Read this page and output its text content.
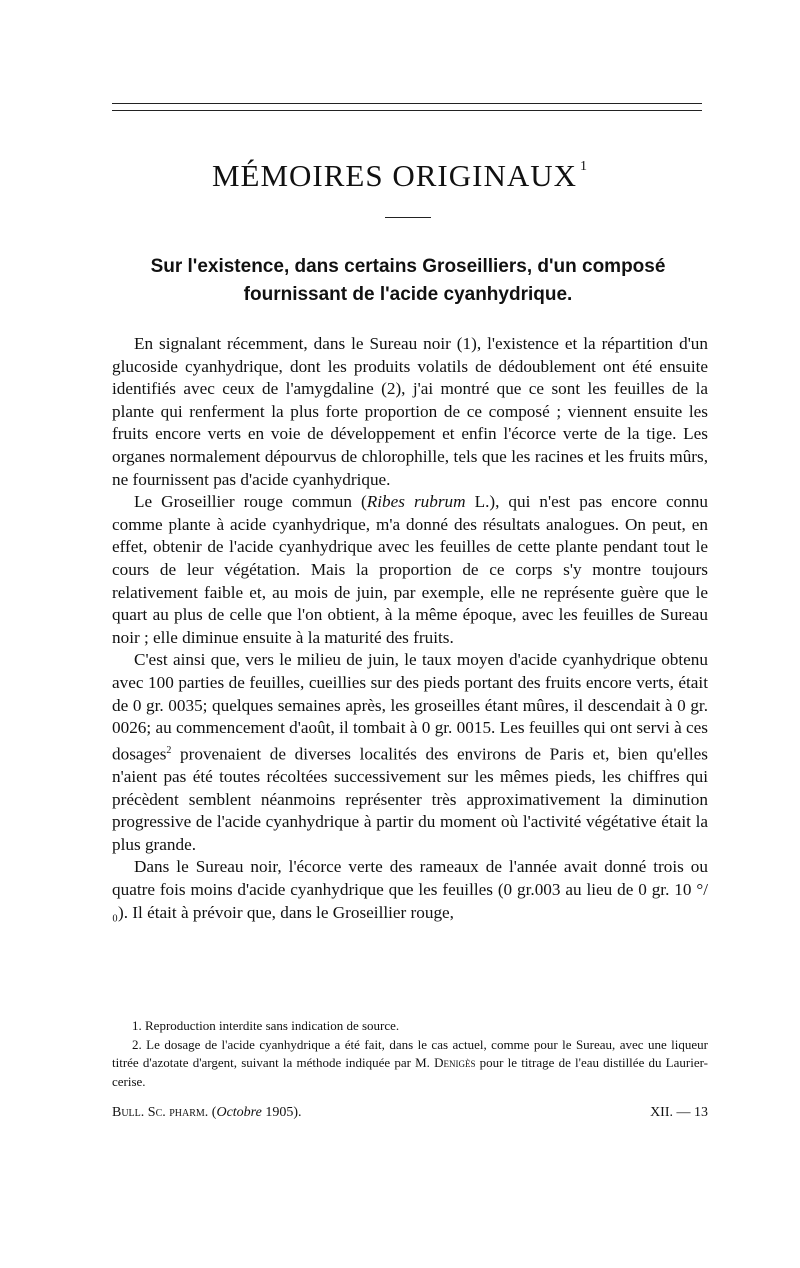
MÉMOIRES ORIGINAUX $^1$
Sur l'existence, dans certains Groseilliers, d'un composé
fournissant de l'acide cyanhydrique.

En signalant récemment, dans le Sureau noir (1), l'existence et la répartition d'un glucoside cyanhydrique, dont les produits volatils de dédoublement ont été ensuite identifiés avec ceux de l'amygdaline (2), j'ai montré que ce sont les feuilles de la plante qui renferment la plus forte proportion de ce composé ; viennent ensuite les fruits encore verts en voie de développement et enfin l'écorce verte de la tige. Les organes normalement dépourvus de chlorophille, tels que les racines et les fruits mûrs, ne fournissent pas d'acide cyanhydrique.

Le Groseillier rouge commun (Ribes rubrum L.), qui n'est pas encore connu comme plante à acide cyanhydrique, m'a donné des résultats analogues. On peut, en effet, obtenir de l'acide cyanhydrique avec les feuilles de cette plante pendant tout le cours de leur végétation. Mais la proportion de ce corps s'y montre toujours relativement faible et, au mois de juin, par exemple, elle ne représente guère que le quart au plus de celle que l'on obtient, à la même époque, avec les feuilles de Sureau noir ; elle diminue ensuite à la maturité des fruits.

C'est ainsi que, vers le milieu de juin, le taux moyen d'acide cyanhydrique obtenu avec 100 parties de feuilles, cueillies sur des pieds portant des fruits encore verts, était de 0 gr. 0035; quelques semaines après, les groseilles étant mûres, il descendait à 0 gr. 0026; au commencement d'août, il tombait à 0 gr. 0015. Les feuilles qui ont servi à ces dosages$^2$ provenaient de diverses localités des environs de Paris et, bien qu'elles n'aient pas été toutes récoltées successivement sur les mêmes pieds, les chiffres qui précèdent semblent néanmoins représenter très approximativement la diminution progressive de l'acide cyanhydrique à partir du moment où l'activité végétative était la plus grande.

Dans le Sureau noir, l'écorce verte des rameaux de l'année avait donné trois ou quatre fois moins d'acide cyanhydrique que les feuilles (0 gr.003 au lieu de 0 gr. 10 °/₀). Il était à prévoir que, dans le Groseillier rouge,

1. Reproduction interdite sans indication de source.

2. Le dosage de l'acide cyanhydrique a été fait, dans le cas actuel, comme pour le Sureau, avec une liqueur titrée d'azotate d'argent, suivant la méthode indiquée par M. Denigès pour le titrage de l'eau distillée du Laurier-cerise.

Bull. Sc. pharm. (Octobre 1905).	XII. — 13
